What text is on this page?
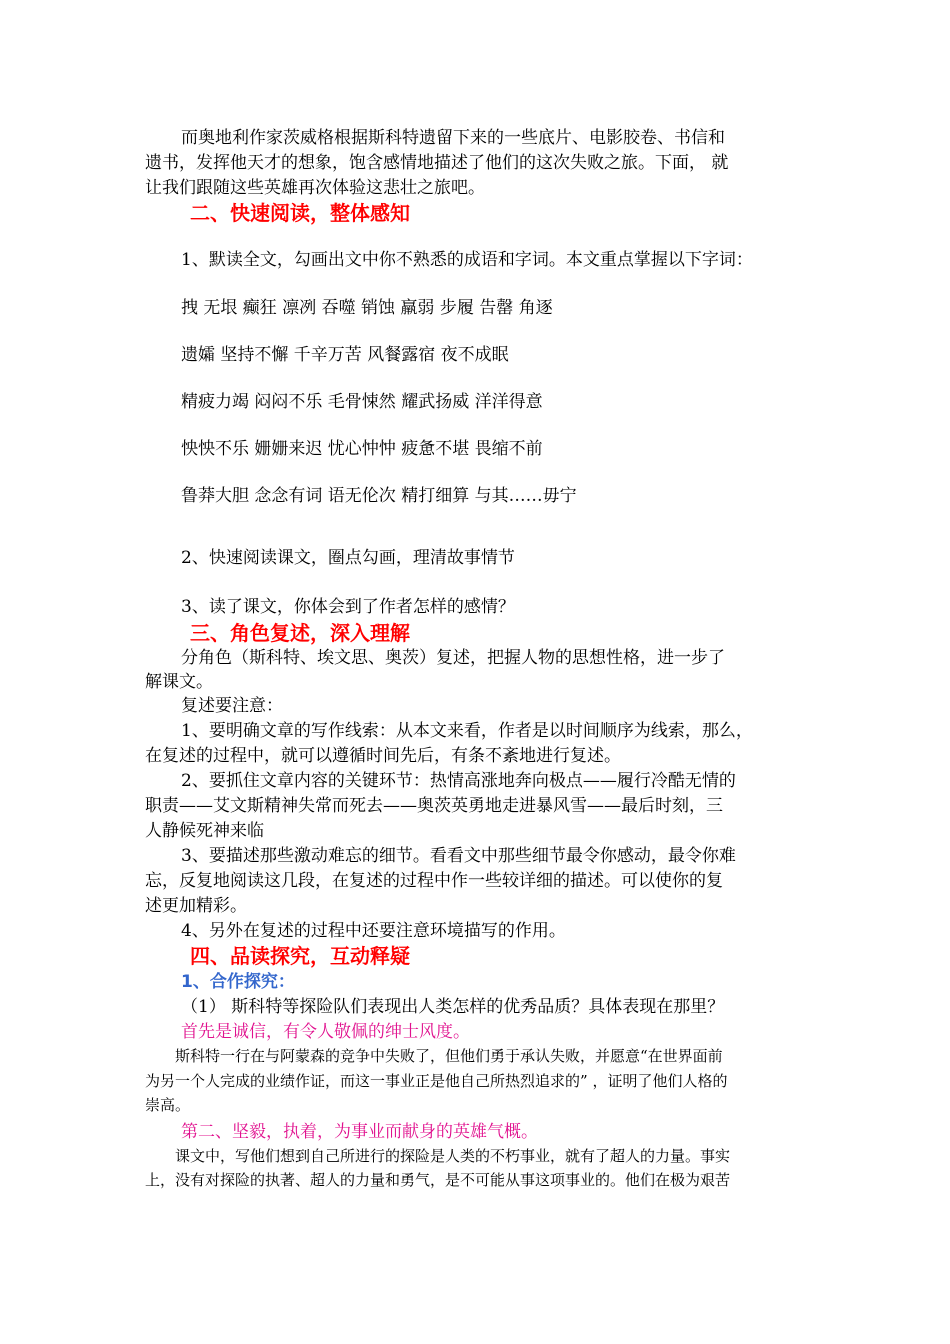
而奥地利作家茨威格根据斯科特遗留下来的一些底片、电影胶卷、书信和
遗书，发挥他天才的想象，饱含感情地描述了他们的这次失败之旅。下面， 就
让我们跟随这些英雄再次体验这悲壮之旅吧。
二、快速阅读，整体感知
1、默读全文，勾画出文中你不熟悉的成语和字词。本文重点掌握以下字词：
拽 无垠 癫狂 凛冽 吞噬 销蚀 羸弱 步履 告罄 角逐
遗孀 坚持不懈 千辛万苦 风餐露宿 夜不成眠
精疲力竭 闷闷不乐 毛骨悚然 耀武扬威 洋洋得意
怏怏不乐 姗姗来迟 忧心忡忡 疲惫不堪 畏缩不前
鲁莽大胆 念念有词 语无伦次 精打细算 与其……毋宁
2、快速阅读课文，圈点勾画，理清故事情节
3、读了课文，你体会到了作者怎样的感情？
三、角色复述，深入理解
分角色（斯科特、埃文思、奥茨）复述，把握人物的思想性格，进一步了
解课文。
复述要注意：
1、要明确文章的写作线索：从本文来看，作者是以时间顺序为线索，那么，
在复述的过程中，就可以遵循时间先后，有条不紊地进行复述。
2、要抓住文章内容的关键环节：热情高涨地奔向极点——履行冷酷无情的
职责——艾文斯精神失常而死去——奥茨英勇地走进暴风雪——最后时刻，三
人静候死神来临
3、要描述那些激动难忘的细节。看看文中那些细节最令你感动，最令你难
忘，反复地阅读这几段，在复述的过程中作一些较详细的描述。可以使你的复
述更加精彩。
4、另外在复述的过程中还要注意环境描写的作用。
四、品读探究，互动释疑
1、合作探究：
（1） 斯科特等探险队们表现出人类怎样的优秀品质？具体表现在那里？
首先是诚信，有令人敬佩的绅士风度。
斯科特一行在与阿蒙森的竞争中失败了，但他们勇于承认失败，并愿意“在世界面前
为另一个人完成的业绩作证，而这一事业正是他自己所热烈追求的” ，证明了他们人格的
崇高。
第二、坚毅，执着，为事业而献身的英雄气概。
课文中，写他们想到自己所进行的探险是人类的不朽事业，就有了超人的力量。事实
上，没有对探险的执著、超人的力量和勇气，是不可能从事这项事业的。他们在极为艰苦
